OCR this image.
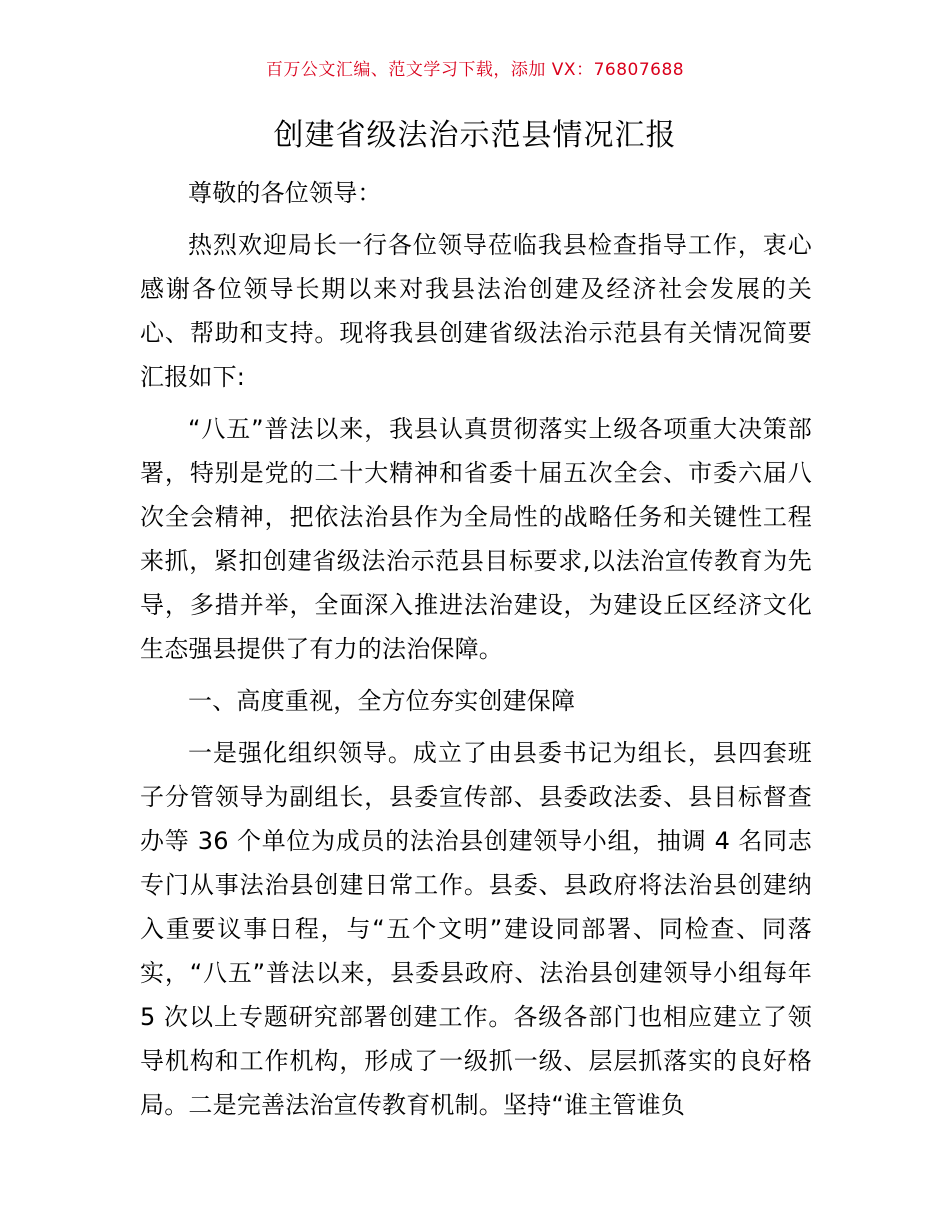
百万公文汇编、范文学习下载，添加 VX：76807688
创建省级法治示范县情况汇报

尊敬的各位领导：

热烈欢迎局长一行各位领导莅临我县检查指导工作，衷心感谢各位领导长期以来对我县法治创建及经济社会发展的关心、帮助和支持。现将我县创建省级法治示范县有关情况简要汇报如下:

“八五”普法以来，我县认真贯彻落实上级各项重大决策部署，特别是党的二十大精神和省委十届五次全会、市委六届八次全会精神，把依法治县作为全局性的战略任务和关键性工程来抓，紧扣创建省级法治示范县目标要求,以法治宣传教育为先导，多措并举，全面深入推进法治建设，为建设丘区经济文化生态强县提供了有力的法治保障。

一、高度重视，全方位夯实创建保障

一是强化组织领导。成立了由县委书记为组长，县四套班子分管领导为副组长，县委宣传部、县委政法委、县目标督查办等 36 个单位为成员的法治县创建领导小组，抽调 4 名同志专门从事法治县创建日常工作。县委、县政府将法治县创建纳入重要议事日程，与“五个文明”建设同部署、同检查、同落实，“八五”普法以来，县委县政府、法治县创建领导小组每年 5 次以上专题研究部署创建工作。各级各部门也相应建立了领导机构和工作机构，形成了一级抓一级、层层抓落实的良好格局。二是完善法治宣传教育机制。坚持“谁主管谁负
